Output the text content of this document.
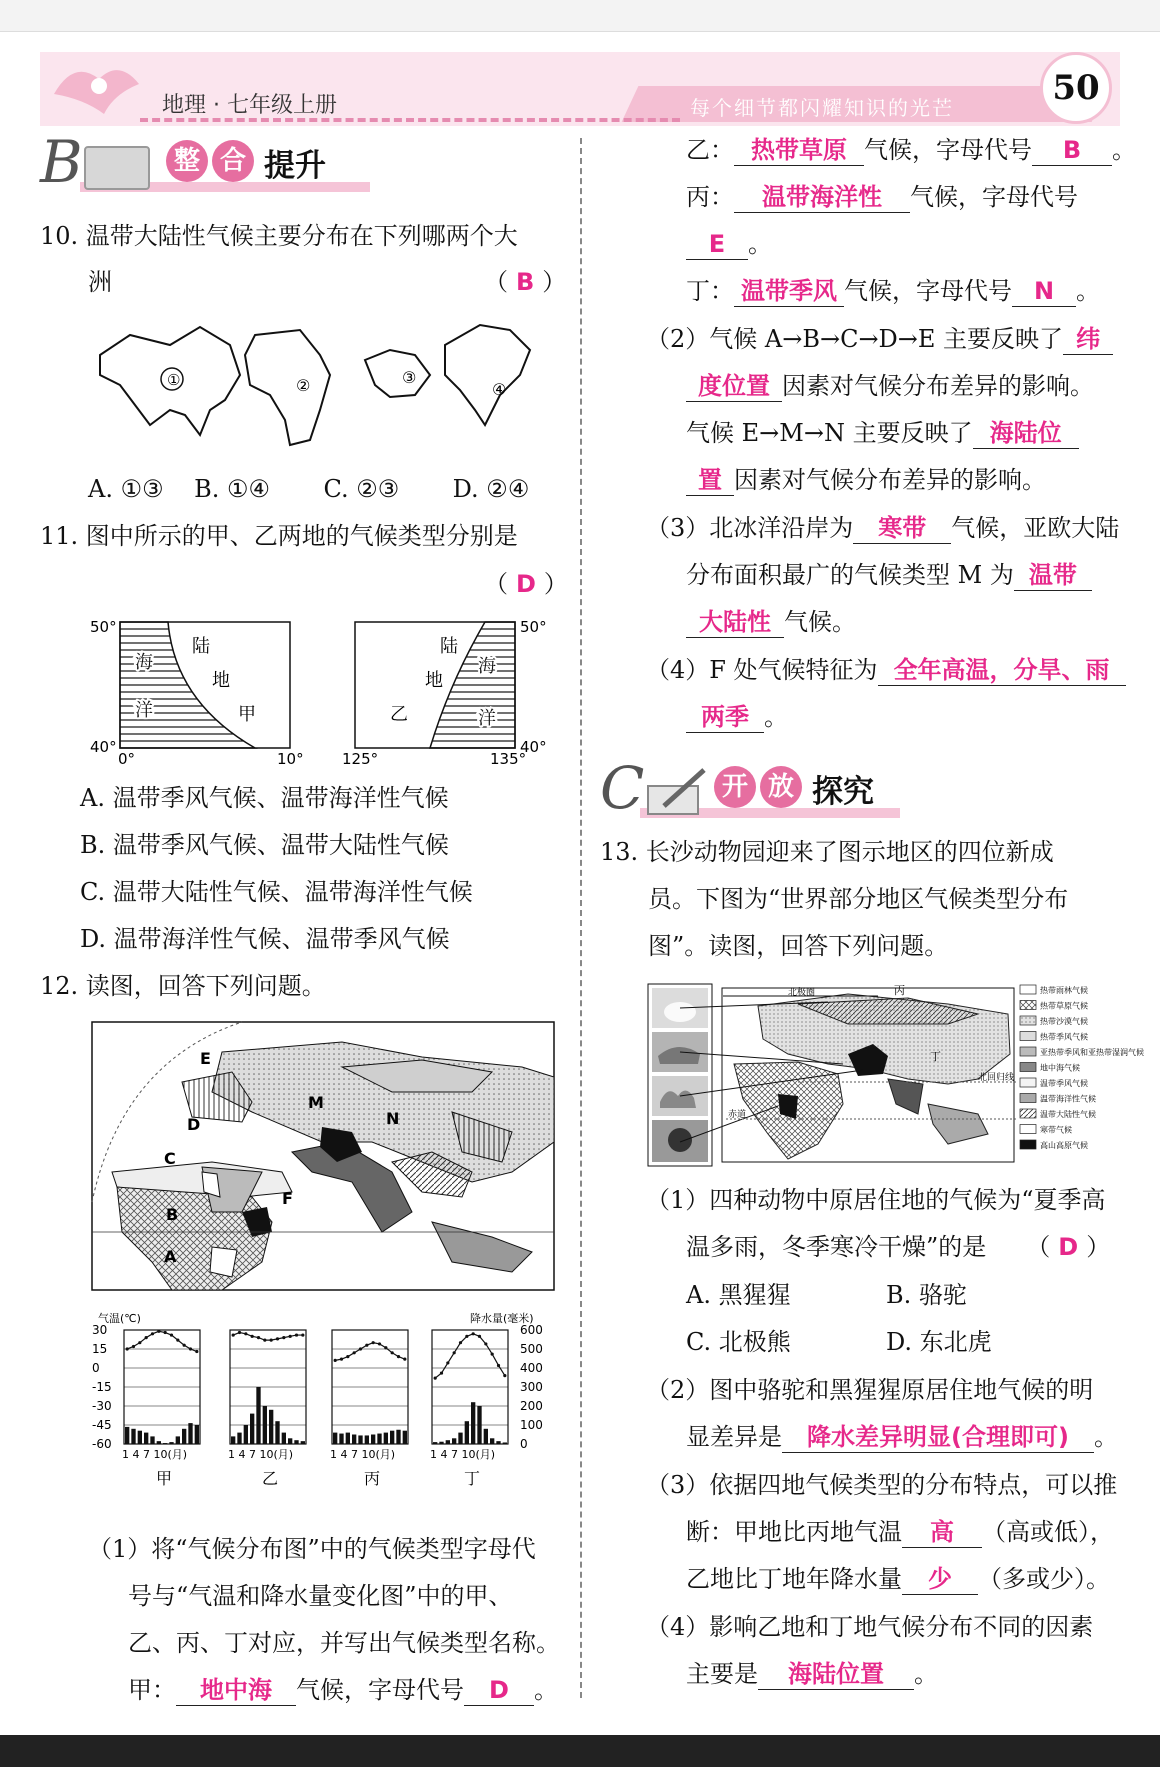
地理 · 七年级上册	每个细节都闪耀知识的光芒	50
B	整 合 提升
10. 温带大陆性气候主要分布在下列哪两个大
洲	（ B ）
①	②	③
④
A. ①③    B. ①④       C. ②③       D. ②④
11. 图中所示的甲、乙两地的气候类型分别是
（ D ）
50°
40°
0°	10°	125°	135°
50°
40°
海
洋
陆
地
甲
陆
地
海
洋
乙
A. 温带季风气候、温带海洋性气候
B. 温带季风气候、温带大陆性气候
C. 温带大陆性气候、温带海洋性气候
D. 温带海洋性气候、温带季风气候
12. 读图，回答下列问题。
E
M
D
C
N
F
B
A
气温(℃)	降水量(毫米)
30
15
0
-15
-30
-45
-60
600
500
400
300
200
100
0
1 4 7 10(月)
甲
1 4 7 10(月)
乙
1 4 7 10(月)
丙
1 4 7 10(月)
丁
（1）将“气候分布图”中的气候类型字母代
号与“气温和降水量变化图”中的甲、
乙、丙、丁对应，并写出气候类型名称。
甲： 地中海 气候，字母代号 D 。
乙： 热带草原 气候，字母代号 B 。
丙： 温带海洋性 气候，字母代号
E 。
丁： 温带季风 气候，字母代号 N 。
（2）气候 A→B→C→D→E 主要反映了 纬
度位置 因素对气候分布差异的影响。
气候 E→M→N 主要反映了 海陆位
置 因素对气候分布差异的影响。
（3）北冰洋沿岸为 寒带 气候，亚欧大陆
分布面积最广的气候类型 M 为 温带
大陆性 气候。
（4）F 处气候特征为 全年高温，分旱、雨
两季 。
C	开 放 探究
13. 长沙动物园迎来了图示地区的四位新成
员。下图为“世界部分地区气候类型分布
图”。读图，回答下列问题。
北极圈
北回归线
赤道
丙
丁
热带雨林气候
热带草原气候
热带沙漠气候
热带季风气候
亚热带季风和亚热带湿润气候
地中海气候
温带季风气候
温带海洋性气候
温带大陆性气候
寒带气候
高山高原气候
（1）四种动物中原居住地的气候为“夏季高
温多雨，冬季寒冷干燥”的是 （ D ）
A. 黑猩猩	B. 骆驼
C. 北极熊	D. 东北虎
（2）图中骆驼和黑猩猩原居住地气候的明
显差异是 降水差异明显(合理即可) 。
（3）依据四地气候类型的分布特点，可以推
断：甲地比丙地气温 高 （高或低），
乙地比丁地年降水量 少 （多或少）。
（4）影响乙地和丁地气候分布不同的因素
主要是 海陆位置 。
